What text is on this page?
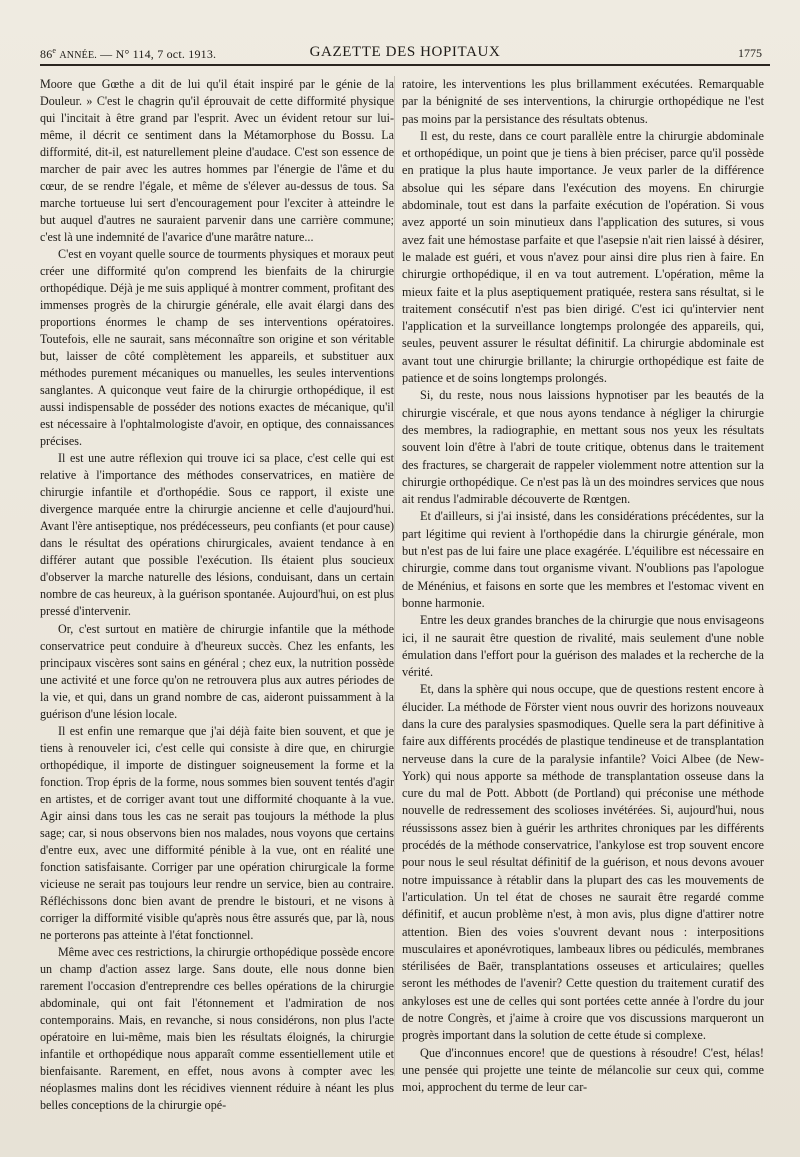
86e ANNÉE. — N° 114, 7 oct. 1913.	GAZETTE DES HOPITAUX	1775

Moore que Gœthe a dit de lui qu'il était inspiré par le génie de la Douleur. » C'est le chagrin qu'il éprouvait de cette difformité physique qui l'incitait à être grand par l'esprit. Avec un évident retour sur lui-même, il décrit ce sentiment dans la Métamorphose du Bossu. La difformité, dit-il, est naturellement pleine d'audace. C'est son essence de marcher de pair avec les autres hommes par l'énergie de l'âme et du cœur, de se rendre l'égale, et même de s'élever au-dessus de tous. Sa marche tortueuse lui sert d'encouragement pour l'exciter à atteindre le but auquel d'autres ne sauraient parvenir dans une carrière commune; c'est là une indemnité de l'avarice d'une marâtre nature...

C'est en voyant quelle source de tourments physiques et moraux peut créer une difformité qu'on comprend les bienfaits de la chirurgie orthopédique. Déjà je me suis appliqué à montrer comment, profitant des immenses progrès de la chirurgie générale, elle avait élargi dans des proportions énormes le champ de ses interventions opératoires. Toutefois, elle ne saurait, sans méconnaître son origine et son véritable but, laisser de côté complètement les appareils, et substituer aux méthodes purement mécaniques ou manuelles, les seules interventions sanglantes. A quiconque veut faire de la chirurgie orthopédique, il est aussi indispensable de posséder des notions exactes de mécanique, qu'il est nécessaire à l'ophtalmologiste d'avoir, en optique, des connaissances précises.

Il est une autre réflexion qui trouve ici sa place, c'est celle qui est relative à l'importance des méthodes conservatrices, en matière de chirurgie infantile et d'orthopédie. Sous ce rapport, il existe une divergence marquée entre la chirurgie ancienne et celle d'aujourd'hui. Avant l'ère antiseptique, nos prédécesseurs, peu confiants (et pour cause) dans le résultat des opérations chirurgicales, avaient tendance à en différer autant que possible l'exécution. Ils étaient plus soucieux d'observer la marche naturelle des lésions, conduisant, dans un certain nombre de cas heureux, à la guérison spontanée. Aujourd'hui, on est plus pressé d'intervenir.

Or, c'est surtout en matière de chirurgie infantile que la méthode conservatrice peut conduire à d'heureux succès. Chez les enfants, les principaux viscères sont sains en général ; chez eux, la nutrition possède une activité et une force qu'on ne retrouvera plus aux autres périodes de la vie, et qui, dans un grand nombre de cas, aideront puissamment à la guérison d'une lésion locale.

Il est enfin une remarque que j'ai déjà faite bien souvent, et que je tiens à renouveler ici, c'est celle qui consiste à dire que, en chirurgie orthopédique, il importe de distinguer soigneusement la forme et la fonction. Trop épris de la forme, nous sommes bien souvent tentés d'agir en artistes, et de corriger avant tout une difformité choquante à la vue. Agir ainsi dans tous les cas ne serait pas toujours la méthode la plus sage; car, si nous observons bien nos malades, nous voyons que certains d'entre eux, avec une difformité pénible à la vue, ont en réalité une fonction satisfaisante. Corriger par une opération chirurgicale la forme vicieuse ne serait pas toujours leur rendre un service, bien au contraire. Réfléchissons donc bien avant de prendre le bistouri, et ne visons à corriger la difformité visible qu'après nous être assurés que, par là, nous ne porterons pas atteinte à l'état fonctionnel.

Même avec ces restrictions, la chirurgie orthopédique possède encore un champ d'action assez large. Sans doute, elle nous donne bien rarement l'occasion d'entreprendre ces belles opérations de la chirurgie abdominale, qui ont fait l'étonnement et l'admiration de nos contemporains. Mais, en revanche, si nous considérons, non plus l'acte opératoire en lui-même, mais bien les résultats éloignés, la chirurgie infantile et orthopédique nous apparaît comme essentiellement utile et bienfaisante. Rarement, en effet, nous avons à compter avec les néoplasmes malins dont les récidives viennent réduire à néant les plus belles conceptions de la chirurgie opé-

ratoire, les interventions les plus brillamment exécutées. Remarquable par la bénignité de ses interventions, la chirurgie orthopédique ne l'est pas moins par la persistance des résultats obtenus.

Il est, du reste, dans ce court parallèle entre la chirurgie abdominale et orthopédique, un point que je tiens à bien préciser, parce qu'il possède en pratique la plus haute importance. Je veux parler de la différence absolue qui les sépare dans l'exécution des moyens. En chirurgie abdominale, tout est dans la parfaite exécution de l'opération. Si vous avez apporté un soin minutieux dans l'application des sutures, si vous avez fait une hémostase parfaite et que l'asepsie n'ait rien laissé à désirer, le malade est guéri, et vous n'avez pour ainsi dire plus rien à faire. En chirurgie orthopédique, il en va tout autrement. L'opération, même la mieux faite et la plus aseptiquement pratiquée, restera sans résultat, si le traitement consécutif n'est pas bien dirigé. C'est ici qu'intervier nent l'application et la surveillance longtemps prolongée des appareils, qui, seules, peuvent assurer le résultat définitif. La chirurgie abdominale est avant tout une chirurgie brillante; la chirurgie orthopédique est faite de patience et de soins longtemps prolongés.

Si, du reste, nous nous laissions hypnotiser par les beautés de la chirurgie viscérale, et que nous ayons tendance à négliger la chirurgie des membres, la radiographie, en mettant sous nos yeux les résultats souvent loin d'être à l'abri de toute critique, obtenus dans le traitement des fractures, se chargerait de rappeler violemment notre attention sur la chirurgie orthopédique. Ce n'est pas là un des moindres services que nous ait rendus l'admirable découverte de Rœntgen.

Et d'ailleurs, si j'ai insisté, dans les considérations précédentes, sur la part légitime qui revient à l'orthopédie dans la chirurgie générale, mon but n'est pas de lui faire une place exagérée. L'équilibre est nécessaire en chirurgie, comme dans tout organisme vivant. N'oublions pas l'apologue de Ménénius, et faisons en sorte que les membres et l'estomac vivent en bonne harmonie.

Entre les deux grandes branches de la chirurgie que nous envisageons ici, il ne saurait être question de rivalité, mais seulement d'une noble émulation dans l'effort pour la guérison des malades et la recherche de la vérité.

Et, dans la sphère qui nous occupe, que de questions restent encore à élucider. La méthode de Förster vient nous ouvrir des horizons nouveaux dans la cure des paralysies spasmodiques. Quelle sera la part définitive à faire aux différents procédés de plastique tendineuse et de transplantation nerveuse dans la cure de la paralysie infantile? Voici Albee (de New-York) qui nous apporte sa méthode de transplantation osseuse dans la cure du mal de Pott. Abbott (de Portland) qui préconise une méthode nouvelle de redressement des scolioses invétérées. Si, aujourd'hui, nous réussissons assez bien à guérir les arthrites chroniques par les différents procédés de la méthode conservatrice, l'ankylose est trop souvent encore pour nous le seul résultat définitif de la guérison, et nous devons avouer notre impuissance à rétablir dans la plupart des cas les mouvements de l'articulation. Un tel état de choses ne saurait être regardé comme définitif, et aucun problème n'est, à mon avis, plus digne d'attirer notre attention. Bien des voies s'ouvrent devant nous : interpositions musculaires et aponévrotiques, lambeaux libres ou pédiculés, membranes stérilisées de Baër, transplantations osseuses et articulaires; quelles seront les méthodes de l'avenir? Cette question du traitement curatif des ankyloses est une de celles qui sont portées cette année à l'ordre du jour de notre Congrès, et j'aime à croire que vos discussions marqueront un progrès important dans la solution de cette étude si complexe.

Que d'inconnues encore! que de questions à résoudre! C'est, hélas! une pensée qui projette une teinte de mélancolie sur ceux qui, comme moi, approchent du terme de leur car-
